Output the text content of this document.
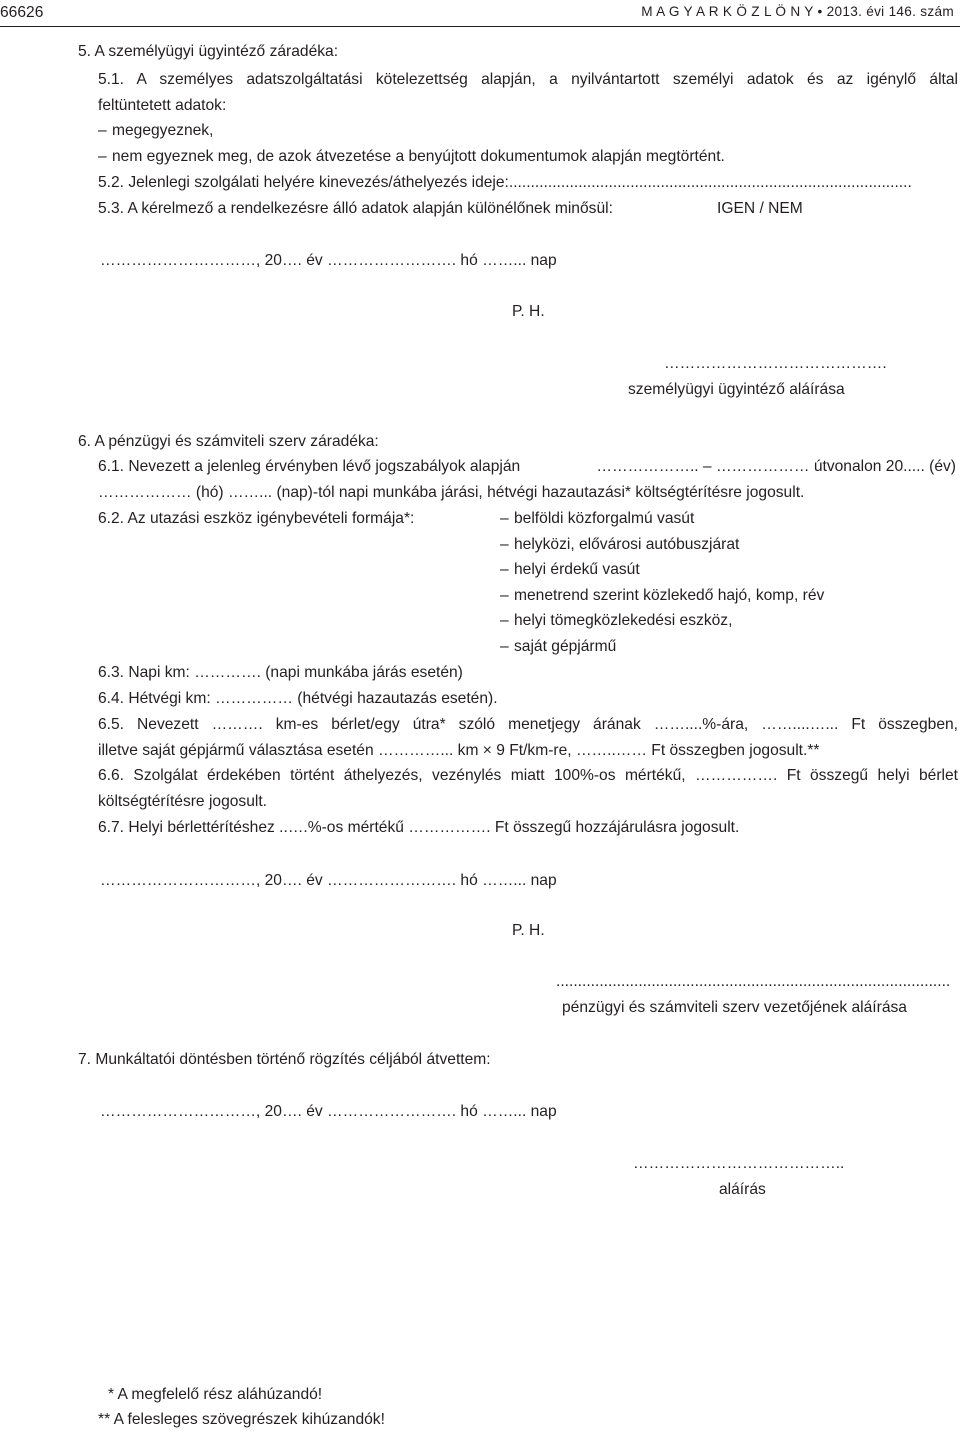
66626	M A G Y A R K Ö Z L Ö N Y • 2013. évi 146. szám
5. A személyügyi ügyintéző záradéka:
5.1. A személyes adatszolgáltatási kötelezettség alapján, a nyilvántartott személyi adatok és az igénylő által
feltüntetett adatok:
– megegyeznek,
– nem egyeznek meg, de azok átvezetése a benyújtott dokumentumok alapján megtörtént.
5.2. Jelenlegi szolgálati helyére kinevezés/áthelyezés ideje:.............................................................................................
5.3. A kérelmező a rendelkezésre álló adatok alapján különélőnek minősül:	IGEN / NEM
…………………………, 20…. év ……………………. hó ……... nap
P. H.
…………………………………….
személyügyi ügyintéző aláírása
6. A pénzügyi és számviteli szerv záradéka:
6.1. Nevezett a jelenleg érvényben lévő jogszabályok alapján	……………….. – ……………… útvonalon 20..... (év)
……………… (hó) ……... (nap)-tól napi munkába járási, hétvégi hazautazási* költségtérítésre jogosult.
6.2. Az utazási eszköz igénybevételi formája*:
–	belföldi közforgalmú vasút
– helyközi, elővárosi autóbuszjárat
– helyi érdekű vasút
– menetrend szerint közlekedő hajó, komp, rév
– helyi tömegközlekedési eszköz,
– saját gépjármű
6.3. Napi km: …………. (napi munkába járás esetén)
6.4. Hétvégi km: …………… (hétvégi hazautazás esetén).
6.5. Nevezett ………. km-es bérlet/egy útra* szóló menetjegy árának ……....%-ára, ……....…... Ft összegben,
illetve saját gépjármű választása esetén …………... km × 9 Ft/km-re, ……..…… Ft összegben jogosult.**
6.6. Szolgálat érdekében történt áthelyezés, vezénylés miatt 100%-os mértékű, ……………. Ft összegű helyi bérlet
költségtérítésre jogosult.
6.7. Helyi bérlettérítéshez ..….%-os mértékű ……………. Ft összegű hozzájárulásra jogosult.
…………………………, 20…. év ……………………. hó ……... nap
P. H.
...........................................................................................
pénzügyi és számviteli szerv vezetőjének aláírása
7. Munkáltatói döntésben történő rögzítés céljából átvettem:
…………………………, 20…. év ……………………. hó ……... nap
…………………………………..
aláírás
* A megfelelő rész aláhúzandó!
** A felesleges szövegrészek kihúzandók!
